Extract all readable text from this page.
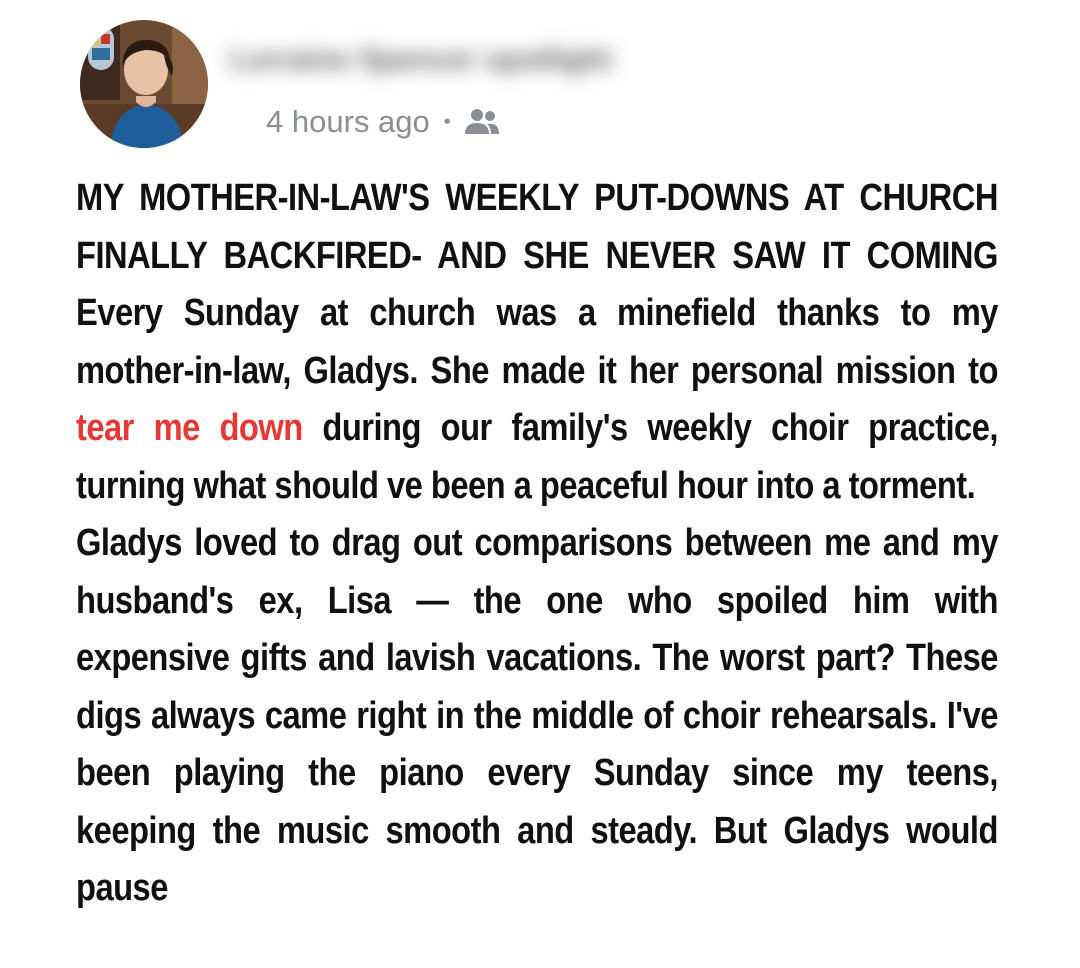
Lorraine Spencer spotlight
4 hours ago •

MY MOTHER-IN-LAW'S WEEKLY PUT-DOWNS AT CHURCH FINALLY BACKFIRED- AND SHE NEVER SAW IT COMING Every Sunday at church was a minefield thanks to my mother-in-law, Gladys. She made it her personal mission to tear me down during our family's weekly choir practice, turning what should ve been a peaceful hour into a torment.

Gladys loved to drag out comparisons between me and my husband's ex, Lisa — the one who spoiled him with expensive gifts and lavish vacations. The worst part? These digs always came right in the middle of choir rehearsals. I've been playing the piano every Sunday since my teens, keeping the music smooth and steady. But Gladys would pause
